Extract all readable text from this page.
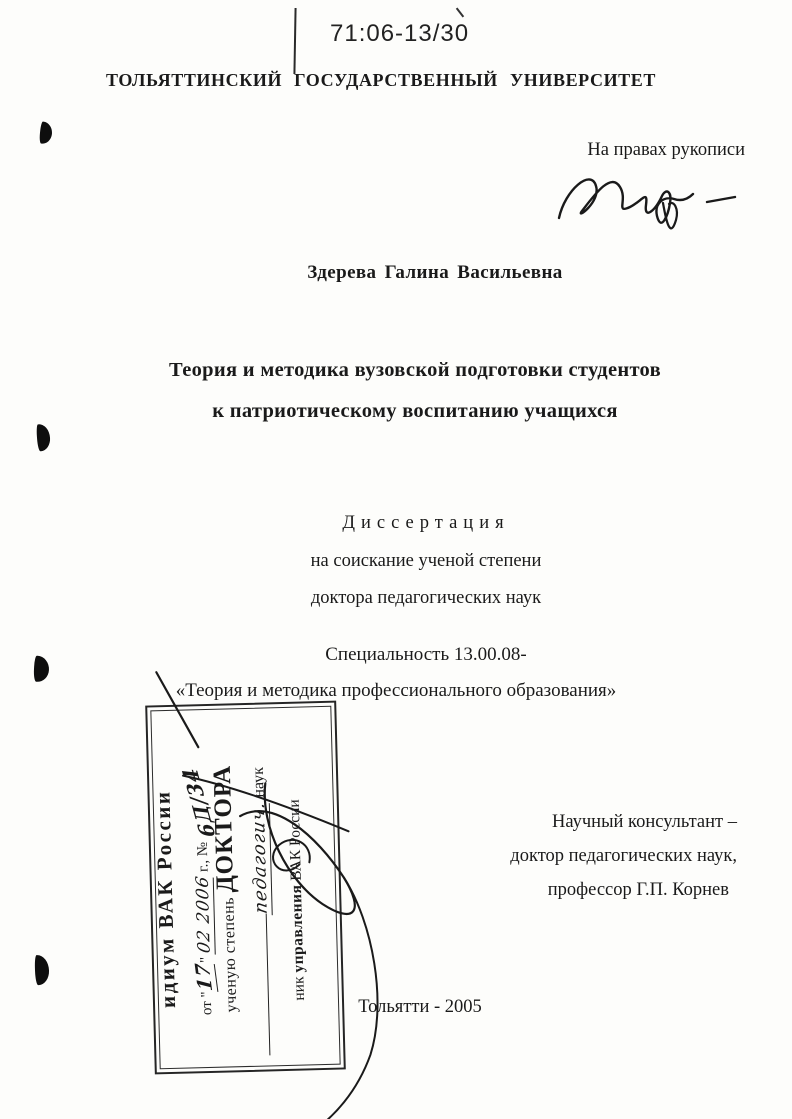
71:06-13/30
ТОЛЬЯТТИНСКИЙ ГОСУДАРСТВЕННЫЙ УНИВЕРСИТЕТ
На правах рукописи
Здерева Галина Васильевна
Теория и методика вузовской подготовки студентов
к патриотическому воспитанию учащихся
Диссертация
на соискание ученой степени
доктора педагогических наук
Специальность 13.00.08-
«Теория и методика профессионального образования»
идиум ВАК России	от "17" 02 2006 г., № 6Д/34
ученую степень ДОКТОРА педагогич. наук
ник управления ВАК России	Научный консультант –
доктор педагогических наук,
профессор Г.П. Корнев
Тольятти - 2005
